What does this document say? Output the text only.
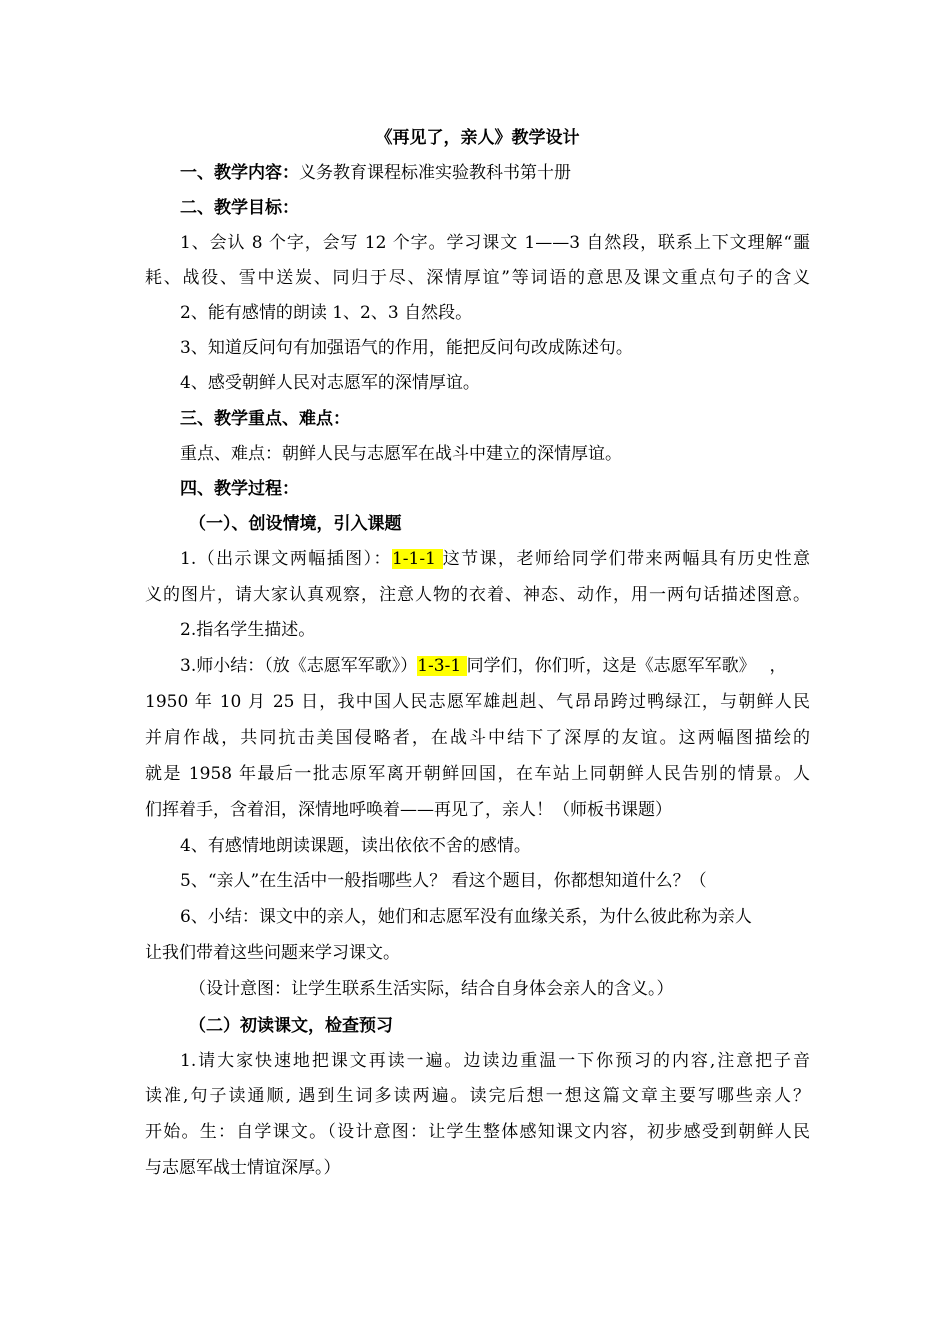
《再见了，亲人》教学设计
一、教学内容：义务教育课程标准实验教科书第十册
二、教学目标：
1、会认 8 个字，会写 12 个字。学习课文 1——3 自然段，联系上下文理解“噩
耗、战役、雪中送炭、同归于尽、深情厚谊”等词语的意思及课文重点句子的含义
2、能有感情的朗读 1、2、3 自然段。
3、知道反问句有加强语气的作用，能把反问句改成陈述句。
4、感受朝鲜人民对志愿军的深情厚谊。
三、教学重点、难点：
重点、难点：朝鲜人民与志愿军在战斗中建立的深情厚谊。
四、教学过程：
（一）、创设情境，引入课题
1.（出示课文两幅插图）：1-1-1 这节课，老师给同学们带来两幅具有历史性意
义的图片，请大家认真观察，注意人物的衣着、神态、动作，用一两句话描述图意。
2.指名学生描述。
3.师小结：（放《志愿军军歌》）1-3-1 同学们，你们听，这是《志愿军军歌》　 ，
1950 年 10 月 25 日，我中国人民志愿军雄赳赳、气昂昂跨过鸭绿江，与朝鲜人民
并肩作战，共同抗击美国侵略者，在战斗中结下了深厚的友谊。这两幅图描绘的
就是 1958 年最后一批志原军离开朝鲜回国，在车站上同朝鲜人民告别的情景。人
们挥着手，含着泪，深情地呼唤着——再见了，亲人！（师板书课题）
4、有感情地朗读课题，读出依依不舍的感情。
5、“亲人”在生活中一般指哪些人？ 看这个题目，你都想知道什么？（
6、小结：课文中的亲人，她们和志愿军没有血缘关系，为什么彼此称为亲人
让我们带着这些问题来学习课文。
（设计意图：让学生联系生活实际，结合自身体会亲人的含义。）
（二）初读课文，检查预习
1.请大家快速地把课文再读一遍。边读边重温一下你预习的内容,注意把子音
读准,句子读通顺, 遇到生词多读两遍。读完后想一想这篇文章主要写哪些亲人？
开始。生：自学课文。（设计意图：让学生整体感知课文内容，初步感受到朝鲜人民
与志愿军战士情谊深厚。）
